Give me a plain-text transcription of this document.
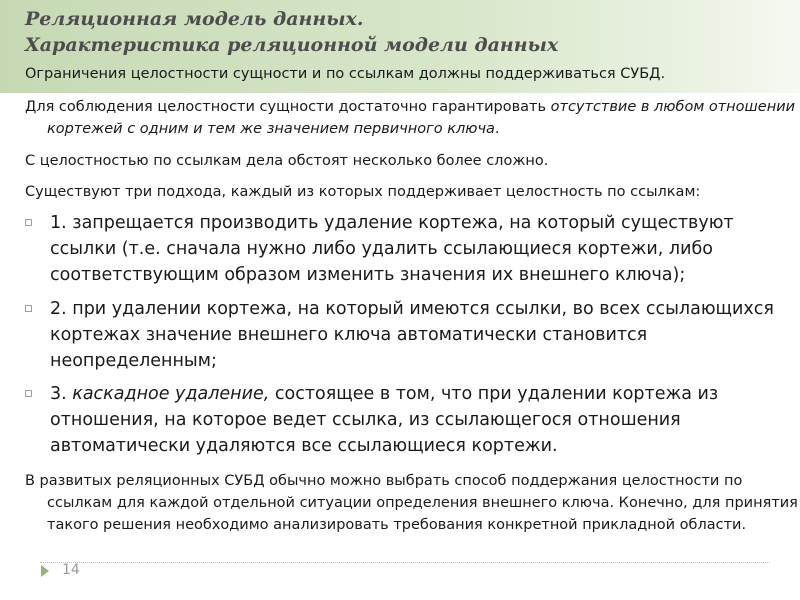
Реляционная модель данных.
Характеристика реляционной модели данных
Ограничения целостности сущности и по ссылкам должны поддерживаться СУБД.
Для соблюдения целостности сущности достаточно гарантировать отсутствие в любом отношении кортежей с одним и тем же значением первичного ключа.
С целостностью по ссылкам дела обстоят несколько более сложно.
Существуют три подхода, каждый из которых поддерживает целостность по ссылкам:
1. запрещается производить удаление кортежа, на который существуют ссылки (т.е. сначала нужно либо удалить ссылающиеся кортежи, либо соответствующим образом изменить значения их внешнего ключа);
2. при удалении кортежа, на который имеются ссылки, во всех ссылающихся кортежах значение внешнего ключа автоматически становится неопределенным;
3. каскадное удаление, состоящее в том, что при удалении кортежа из отношения, на которое ведет ссылка, из ссылающегося отношения автоматически удаляются все ссылающиеся кортежи.
В развитых реляционных СУБД обычно можно выбрать способ поддержания целостности по ссылкам для каждой отдельной ситуации определения внешнего ключа. Конечно, для принятия такого решения необходимо анализировать требования конкретной прикладной области.
14
